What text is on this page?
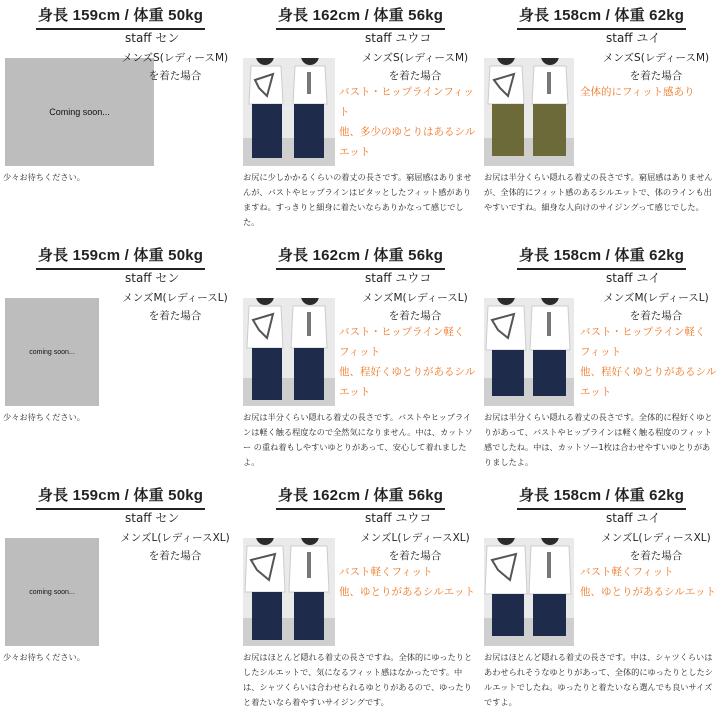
身長 159cm / 体重 50kg
staff セン
Coming soon...
メンズS(レディースM)
を着た場合
少々お待ちください。
身長 162cm / 体重 56kg
staff ユウコ
メンズS(レディースM)
を着た場合
バスト・ヒップラインフィット
他、多少のゆとりはあるシル
エット
お尻に少しかかるくらいの着丈の長さです。窮屈感はありませんが、バストやヒップラインはピタッとしたフィット感がありますね。すっきりと細身に着たいならありかなって感じでした。
身長 158cm / 体重 62kg
staff ユイ
メンズS(レディースM)
を着た場合
全体的にフィット感あり
お尻は半分くらい隠れる着丈の長さです。窮屈感はありませんが、全体的にフィット感のあるシルエットで、体のラインも出やすいですね。細身な人向けのサイジングって感じでした。
身長 159cm / 体重 50kg
staff セン
coming soon...
メンズM(レディースL)
を着た場合
少々お待ちください。
身長 162cm / 体重 56kg
staff ユウコ
メンズM(レディースL)
を着た場合
バスト・ヒップライン軽く
フィット
他、程好くゆとりがあるシル
エット
お尻は半分くらい隠れる着丈の長さです。バストやヒップラインは軽く触る程度なので全然気になりません。中は、カットソー の重ね着もしやすいゆとりがあって、安心して着れましたよ。
身長 158cm / 体重 62kg
staff ユイ
メンズM(レディースL)
を着た場合
バスト・ヒップライン軽く
フィット
他、程好くゆとりがあるシル
エット
お尻は半分くらい隠れる着丈の長さです。全体的に程好くゆとりがあって、バストやヒップラインは軽く触る程度のフィット感でしたね。中は、カットソー1枚は合わせやすいゆとりがありましたよ。
身長 159cm / 体重 50kg
staff セン
coming soon...
メンズL(レディースXL)
を着た場合
少々お待ちください。
身長 162cm / 体重 56kg
staff ユウコ
メンズL(レディースXL)
を着た場合
バスト軽くフィット
他、ゆとりがあるシルエット
お尻はほとんど隠れる着丈の長さですね。全体的にゆったりとしたシルエットで、気になるフィット感はなかったです。中は、シャツくらいは合わせられるゆとりがあるので、ゆったりと着たいなら着やすいサイジングです。
身長 158cm / 体重 62kg
staff ユイ
メンズL(レディースXL)
を着た場合
バスト軽くフィット
他、ゆとりがあるシルエット
お尻はほとんど隠れる着丈の長さです。中は、シャツくらいはあわせられそうなゆとりがあって、全体的にゆったりとしたシルエットでしたね。ゆったりと着たいなら選んでも良いサイズですよ。
